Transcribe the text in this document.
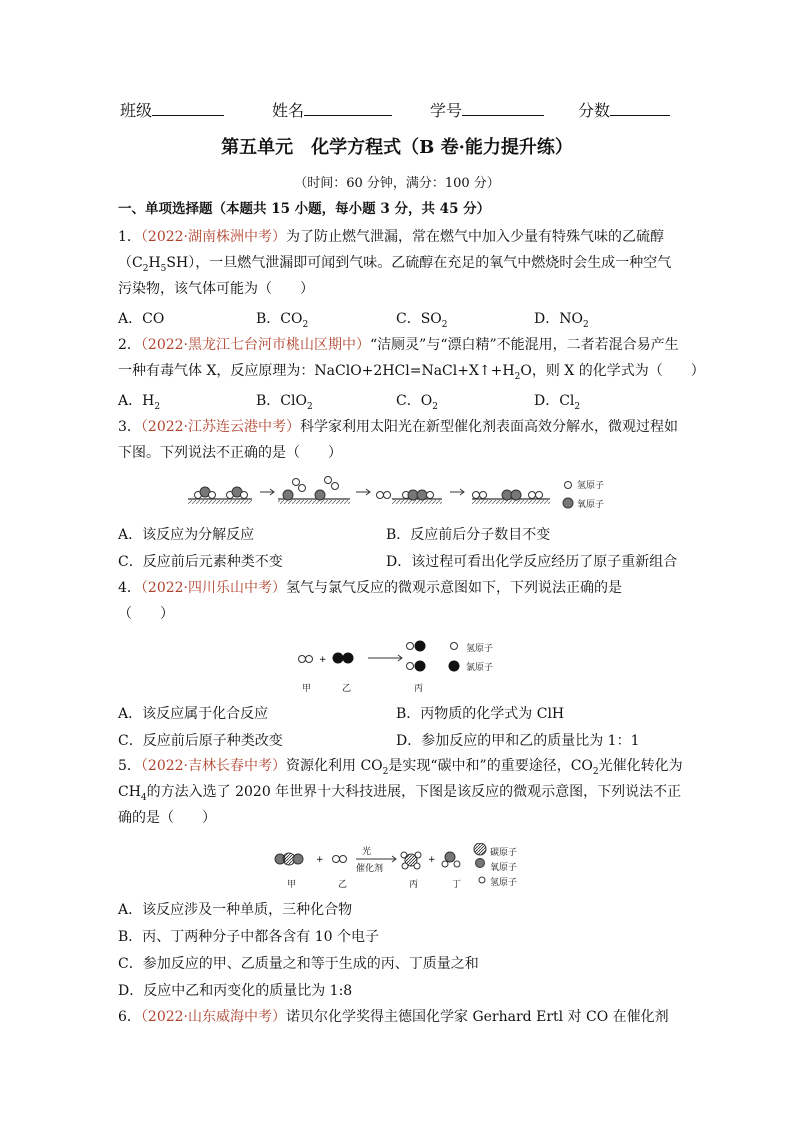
班级	姓名	学号	分数
第五单元　化学方程式（B 卷·能力提升练）
（时间：60 分钟，满分：100 分）
一、单项选择题（本题共 15 小题，每小题 3 分，共 45 分）
1．（2022·湖南株洲中考）为了防止燃气泄漏，常在燃气中加入少量有特殊气味的乙硫醇
$(C_2H_5SH)$，一旦燃气泄漏即可闻到气味。乙硫醇在充足的氧气中燃烧时会生成一种空气
污染物，该气体可能为（　　）
A．CO	B．$CO_2$	C．$SO_2$	D．$NO_2$
2．（2022·黑龙江七台河市桃山区期中）“洁厕灵”与“漂白精”不能混用，二者若混合易产生
一种有毒气体 X，反应原理为：$NaClO+2HCl=NaCl+X↑+H_2O$，则 X 的化学式为（　　）
A．$H_2$	B．ClO$_2$	C．$O_2$	D．$Cl_2$
3．（2022·江苏连云港中考）科学家利用太阳光在新型催化剂表面高效分解水，微观过程如
下图。下列说法不正确的是（　　）
氢原子
氧原子
A．该反应为分解反应	B．反应前后分子数目不变
C．反应前后元素种类不变	D．该过程可看出化学反应经历了原子重新组合
4．（2022·四川乐山中考）氢气与氯气反应的微观示意图如下，下列说法正确的是
（　　）
+
氢原子
氯原子
甲	乙	丙
A．该反应属于化合反应	B．丙物质的化学式为 ClH
C．反应前后原子种类改变	D．参加反应的甲和乙的质量比为 1：1
5．（2022·吉林长春中考）资源化利用 $CO_2$是实现“碳中和”的重要途径，$CO_2$光催化转化为
$CH_4$的方法入选了 2020 年世界十大科技进展，下图是该反应的微观示意图，下列说法不正
确的是（　　）
+	+
光
催化剂
碳原子
氧原子
氢原子
甲	乙	丙	丁
A．该反应涉及一种单质，三种化合物
B．丙、丁两种分子中都各含有 10 个电子
C．参加反应的甲、乙质量之和等于生成的丙、丁质量之和
D．反应中乙和丙变化的质量比为 1:8
6．（2022·山东威海中考）诺贝尔化学奖得主德国化学家 Gerhard Ertl 对 CO 在催化剂
